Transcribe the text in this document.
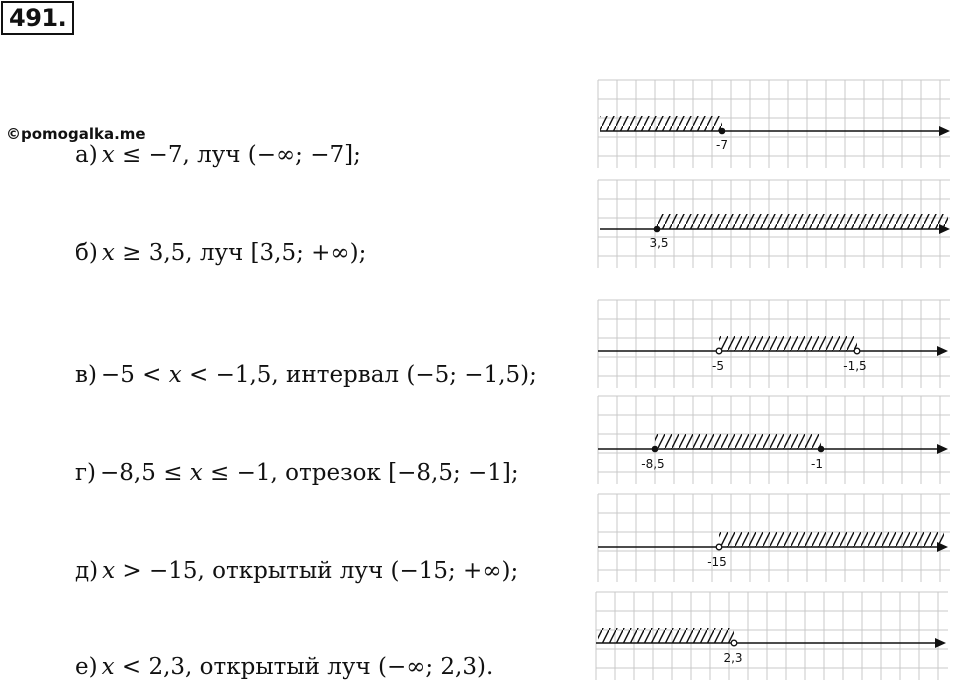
491.
©pomogalka.me
а) 𝑥 ≤ −7, луч (−∞; −7];
б) 𝑥 ≥ 3,5, луч [3,5; +∞);
в) −5 < 𝑥 < −1,5, интервал (−5; −1,5);
г) −8,5 ≤ 𝑥 ≤ −1, отрезок [−8,5; −1];
д) 𝑥 > −15, открытый луч (−15; +∞);
е) 𝑥 < 2,3, открытый луч (−∞; 2,3).
-7
3,5
-5	-1,5
-8,5	-1
-15
2,3
